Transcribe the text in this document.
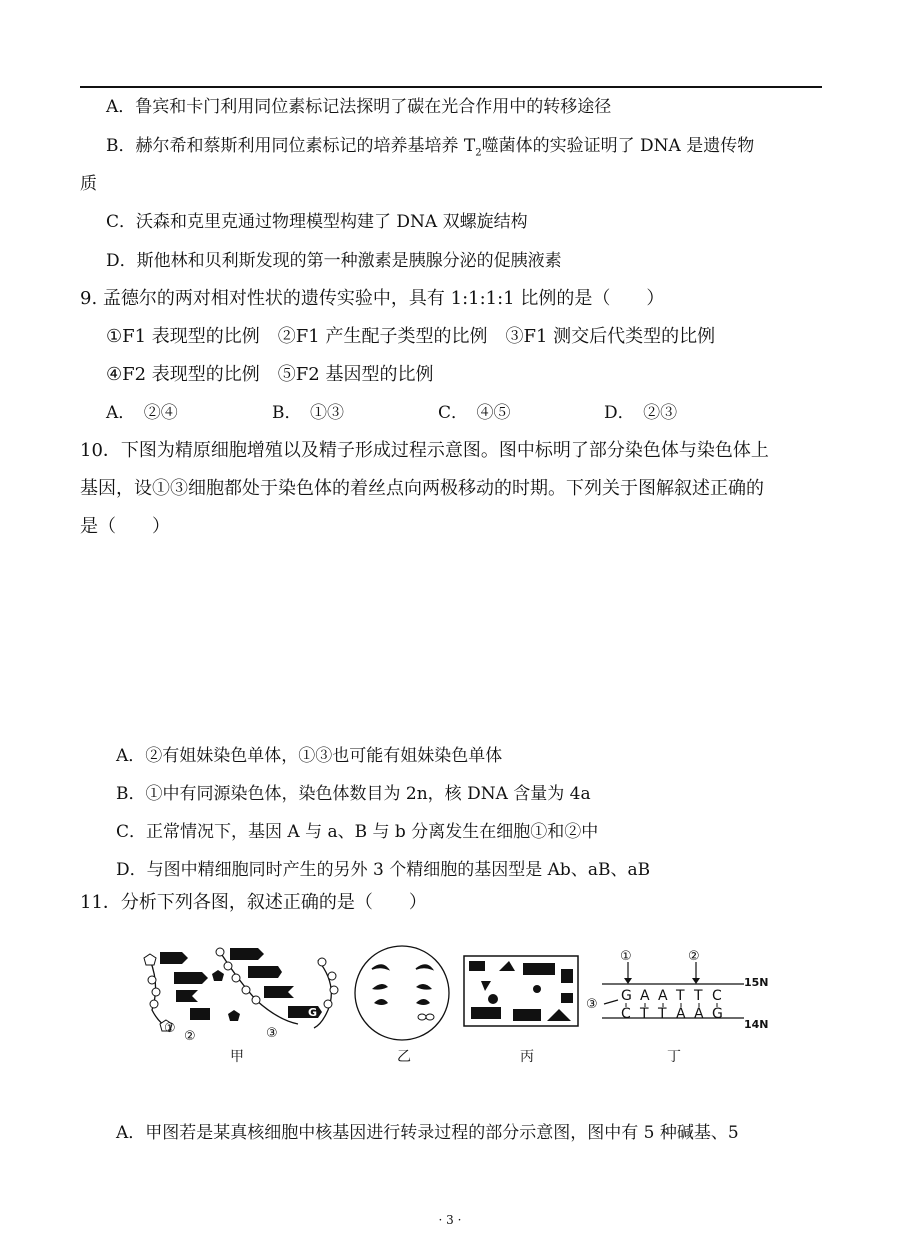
A．鲁宾和卡门利用同位素标记法探明了碳在光合作用中的转移途径
B．赫尔希和蔡斯利用同位素标记的培养基培养 $T_2$噬菌体的实验证明了 DNA 是遗传物
质
C．沃森和克里克通过物理模型构建了 DNA 双螺旋结构
D．斯他林和贝利斯发现的第一种激素是胰腺分泌的促胰液素
9. 孟德尔的两对相对性状的遗传实验中，具有 1:1:1:1 比例的是（　　）
①F1 表现型的比例　②F1 产生配子类型的比例　③F1 测交后代类型的比例
④F2 表现型的比例　⑤F2 基因型的比例
A．　②④	B．　①③	C．　④⑤	D．　②③
10．下图为精原细胞增殖以及精子形成过程示意图。图中标明了部分染色体与染色体上
基因，设①③细胞都处于染色体的着丝点向两极移动的时期。下列关于图解叙述正确的
是（　　）
A．②有姐妹染色单体，①③也可能有姐妹染色单体
B．①中有同源染色体，染色体数目为 2n，核 DNA 含量为 4a
C．正常情况下，基因 A 与 a、B 与 b 分离发生在细胞①和②中
D．与图中精细胞同时产生的另外 3 个精细胞的基因型是 Ab、aB、aB
11．分析下列各图，叙述正确的是（　　）
T
C
A
G
①
②	③
①	②
③
G A A T T C
C T T A A G
15N
14N
甲	乙	丙	丁
A．甲图若是某真核细胞中核基因进行转录过程的部分示意图，图中有 5 种碱基、5
· 3 ·
